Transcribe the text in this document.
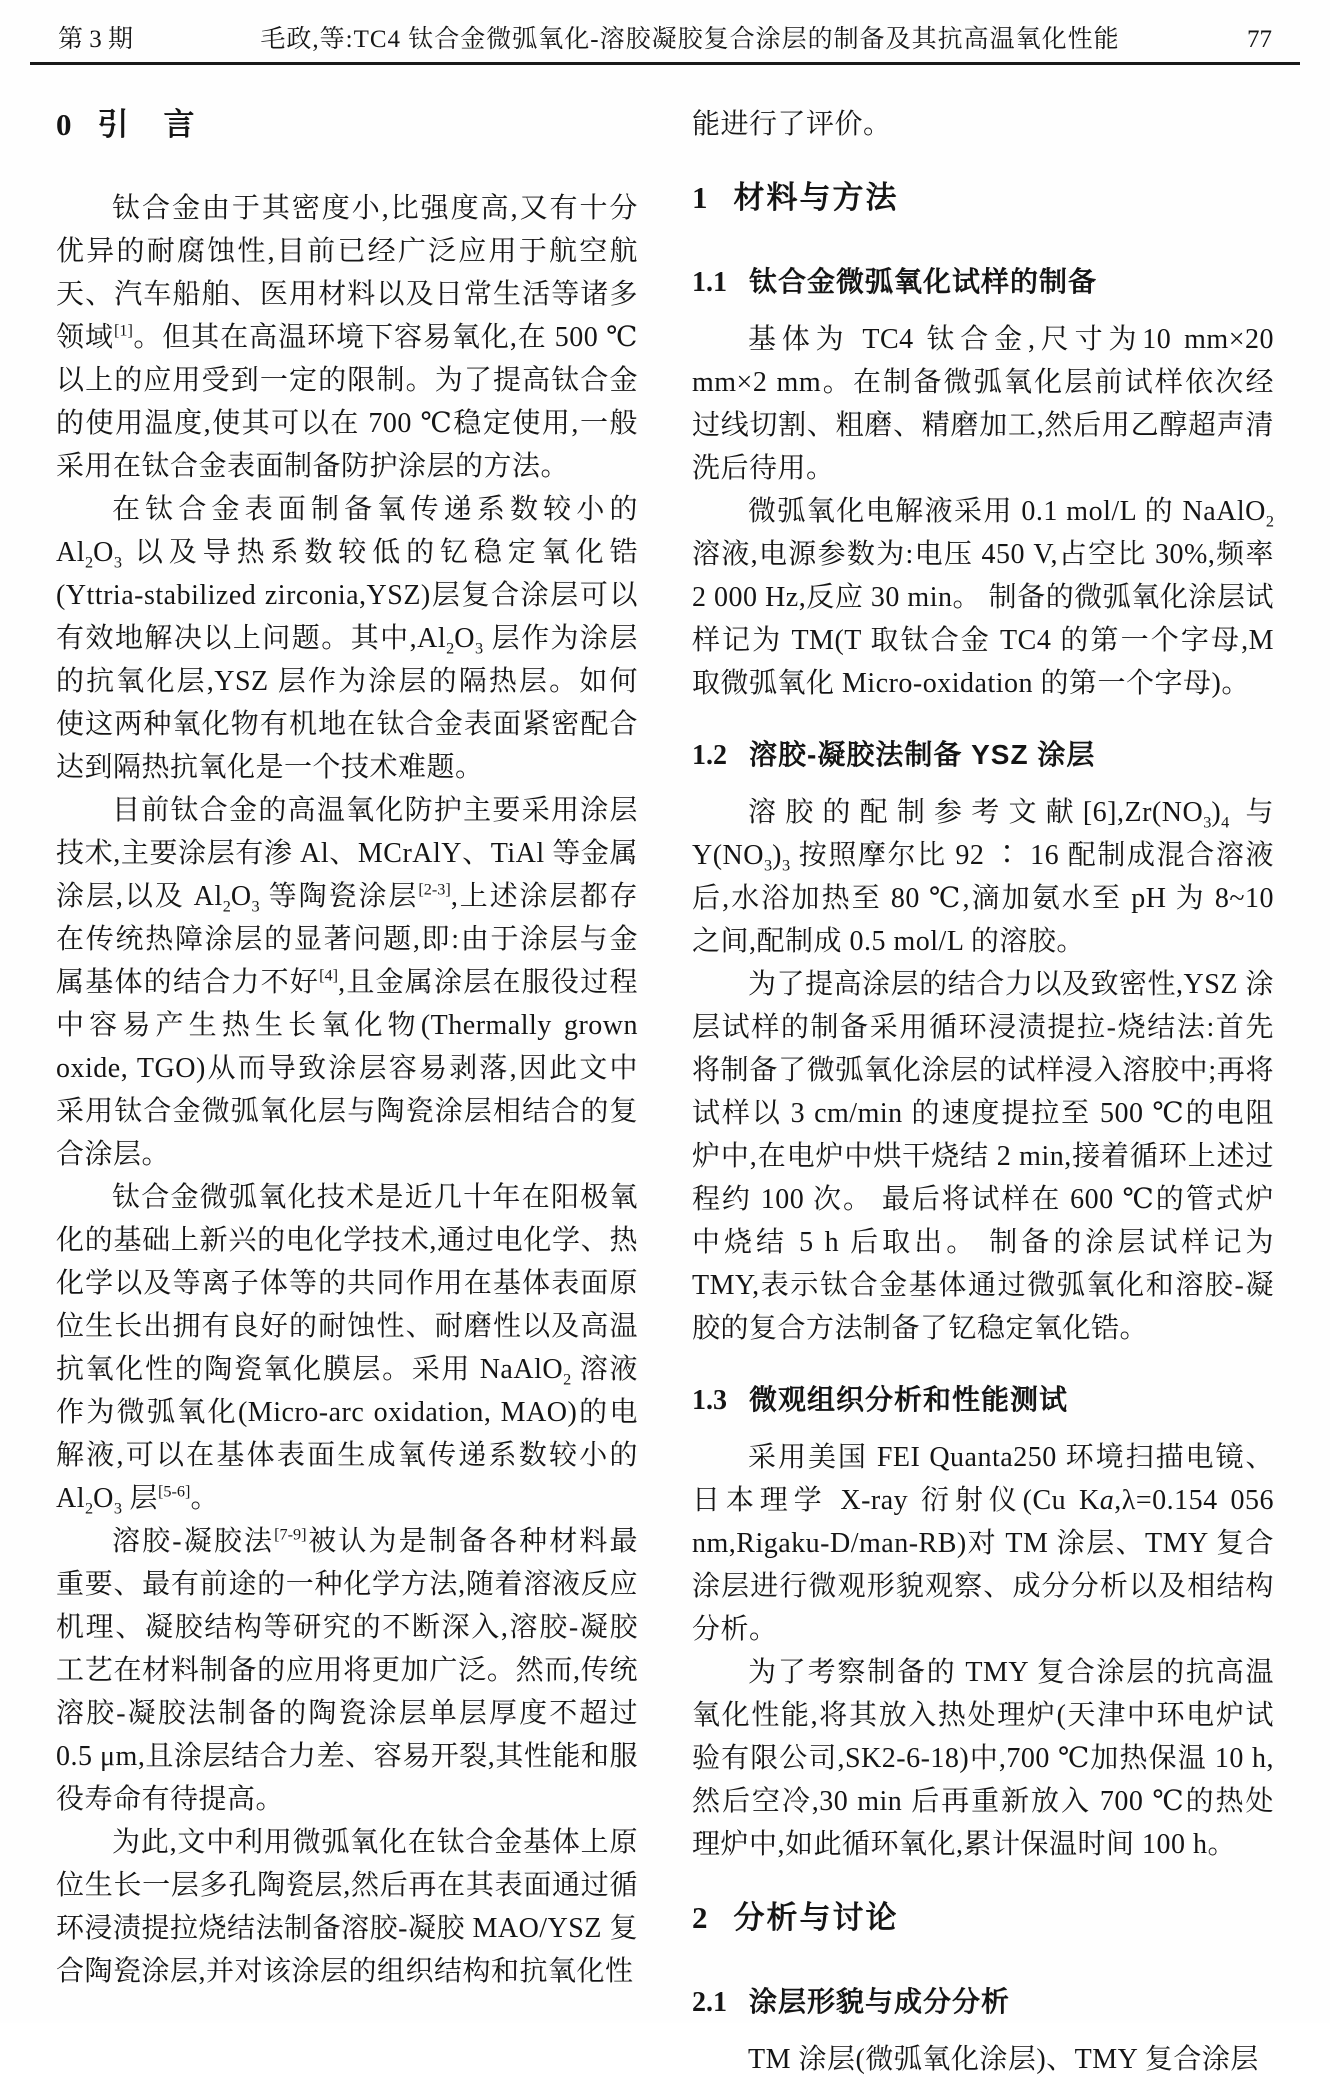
第 3 期	毛政,等:TC4 钛合金微弧氧化-溶胶凝胶复合涂层的制备及其抗高温氧化性能	77
0 引　言

钛合金由于其密度小,比强度高,又有十分优异的耐腐蚀性,目前已经广泛应用于航空航天、汽车船舶、医用材料以及日常生活等诸多领域[1]。但其在高温环境下容易氧化,在 500 ℃以上的应用受到一定的限制。为了提高钛合金的使用温度,使其可以在 700 ℃稳定使用,一般采用在钛合金表面制备防护涂层的方法。

在钛合金表面制备氧传递系数较小的 $Al_2O_3$ 以及导热系数较低的钇稳定氧化锆(Yttria-stabilized zirconia,YSZ)层复合涂层可以有效地解决以上问题。其中$,Al_2O_3$ 层作为涂层的抗氧化层,YSZ 层作为涂层的隔热层。如何使这两种氧化物有机地在钛合金表面紧密配合达到隔热抗氧化是一个技术难题。

目前钛合金的高温氧化防护主要采用涂层技术,主要涂层有渗 Al、MCrAlY、TiAl 等金属涂层,以及 $Al_2O_3$ 等陶瓷涂层[2-3],上述涂层都存在传统热障涂层的显著问题,即:由于涂层与金属基体的结合力不好[4],且金属涂层在服役过程中容易产生热生长氧化物(Thermally grown oxide, TGO)从而导致涂层容易剥落,因此文中采用钛合金微弧氧化层与陶瓷涂层相结合的复合涂层。

钛合金微弧氧化技术是近几十年在阳极氧化的基础上新兴的电化学技术,通过电化学、热化学以及等离子体等的共同作用在基体表面原位生长出拥有良好的耐蚀性、耐磨性以及高温抗氧化性的陶瓷氧化膜层。采用 NaAlO$_2$ 溶液作为微弧氧化(Micro-arc oxidation, MAO)的电解液,可以在基体表面生成氧传递系数较小的 $Al_2O_3$ 层[5-6]。

溶胶-凝胶法[7-9]被认为是制备各种材料最重要、最有前途的一种化学方法,随着溶液反应机理、凝胶结构等研究的不断深入,溶胶-凝胶工艺在材料制备的应用将更加广泛。然而,传统溶胶-凝胶法制备的陶瓷涂层单层厚度不超过 0.5 μm,且涂层结合力差、容易开裂,其性能和服役寿命有待提高。

为此,文中利用微弧氧化在钛合金基体上原位生长一层多孔陶瓷层,然后再在其表面通过循环浸渍提拉烧结法制备溶胶-凝胶 MAO/YSZ 复合陶瓷涂层,并对该涂层的组织结构和抗氧化性

能进行了评价。

1 材料与方法
1.1 钛合金微弧氧化试样的制备

基体为 TC4 钛合金,尺寸为10 mm×20 mm×2 mm。在制备微弧氧化层前试样依次经过线切割、粗磨、精磨加工,然后用乙醇超声清洗后待用。

微弧氧化电解液采用 0.1 mol/L 的 NaAlO$_2$ 溶液,电源参数为:电压 450 V,占空比 30%,频率 2 000 Hz,反应 30 min。 制备的微弧氧化涂层试样记为 TM(T 取钛合金 TC4 的第一个字母,M 取微弧氧化 Micro-oxidation 的第一个字母)。

1.2 溶胶-凝胶法制备 YSZ 涂层

溶胶的配制参考文献$[6],Zr(NO_3)_4$ 与 $Y(NO_3)_3$ 按照摩尔比 92 ∶ 16 配制成混合溶液后,水浴加热至 80 ℃,滴加氨水至 pH 为 8~10 之间,配制成 0.5 mol/L 的溶胶。

为了提高涂层的结合力以及致密性,YSZ 涂层试样的制备采用循环浸渍提拉-烧结法:首先将制备了微弧氧化涂层的试样浸入溶胶中;再将试样以 3 cm/min 的速度提拉至 500 ℃的电阻炉中,在电炉中烘干烧结 2 min,接着循环上述过程约 100 次。 最后将试样在 600 ℃的管式炉中烧结 5 h 后取出。 制备的涂层试样记为 TMY,表示钛合金基体通过微弧氧化和溶胶-凝胶的复合方法制备了钇稳定氧化锆。

1.3 微观组织分析和性能测试

采用美国 FEI Quanta250 环境扫描电镜、日本理学 X-ray 衍射仪(Cu Ka,λ=0.154 056 nm,Rigaku-D/man-RB)对 TM 涂层、TMY 复合涂层进行微观形貌观察、成分分析以及相结构分析。

为了考察制备的 TMY 复合涂层的抗高温氧化性能,将其放入热处理炉(天津中环电炉试验有限公司,SK2-6-18)中,700 ℃加热保温 10 h,然后空冷,30 min 后再重新放入 700 ℃的热处理炉中,如此循环氧化,累计保温时间 100 h。

2 分析与讨论
2.1 涂层形貌与成分分析

TM 涂层(微弧氧化涂层)、TMY 复合涂层
